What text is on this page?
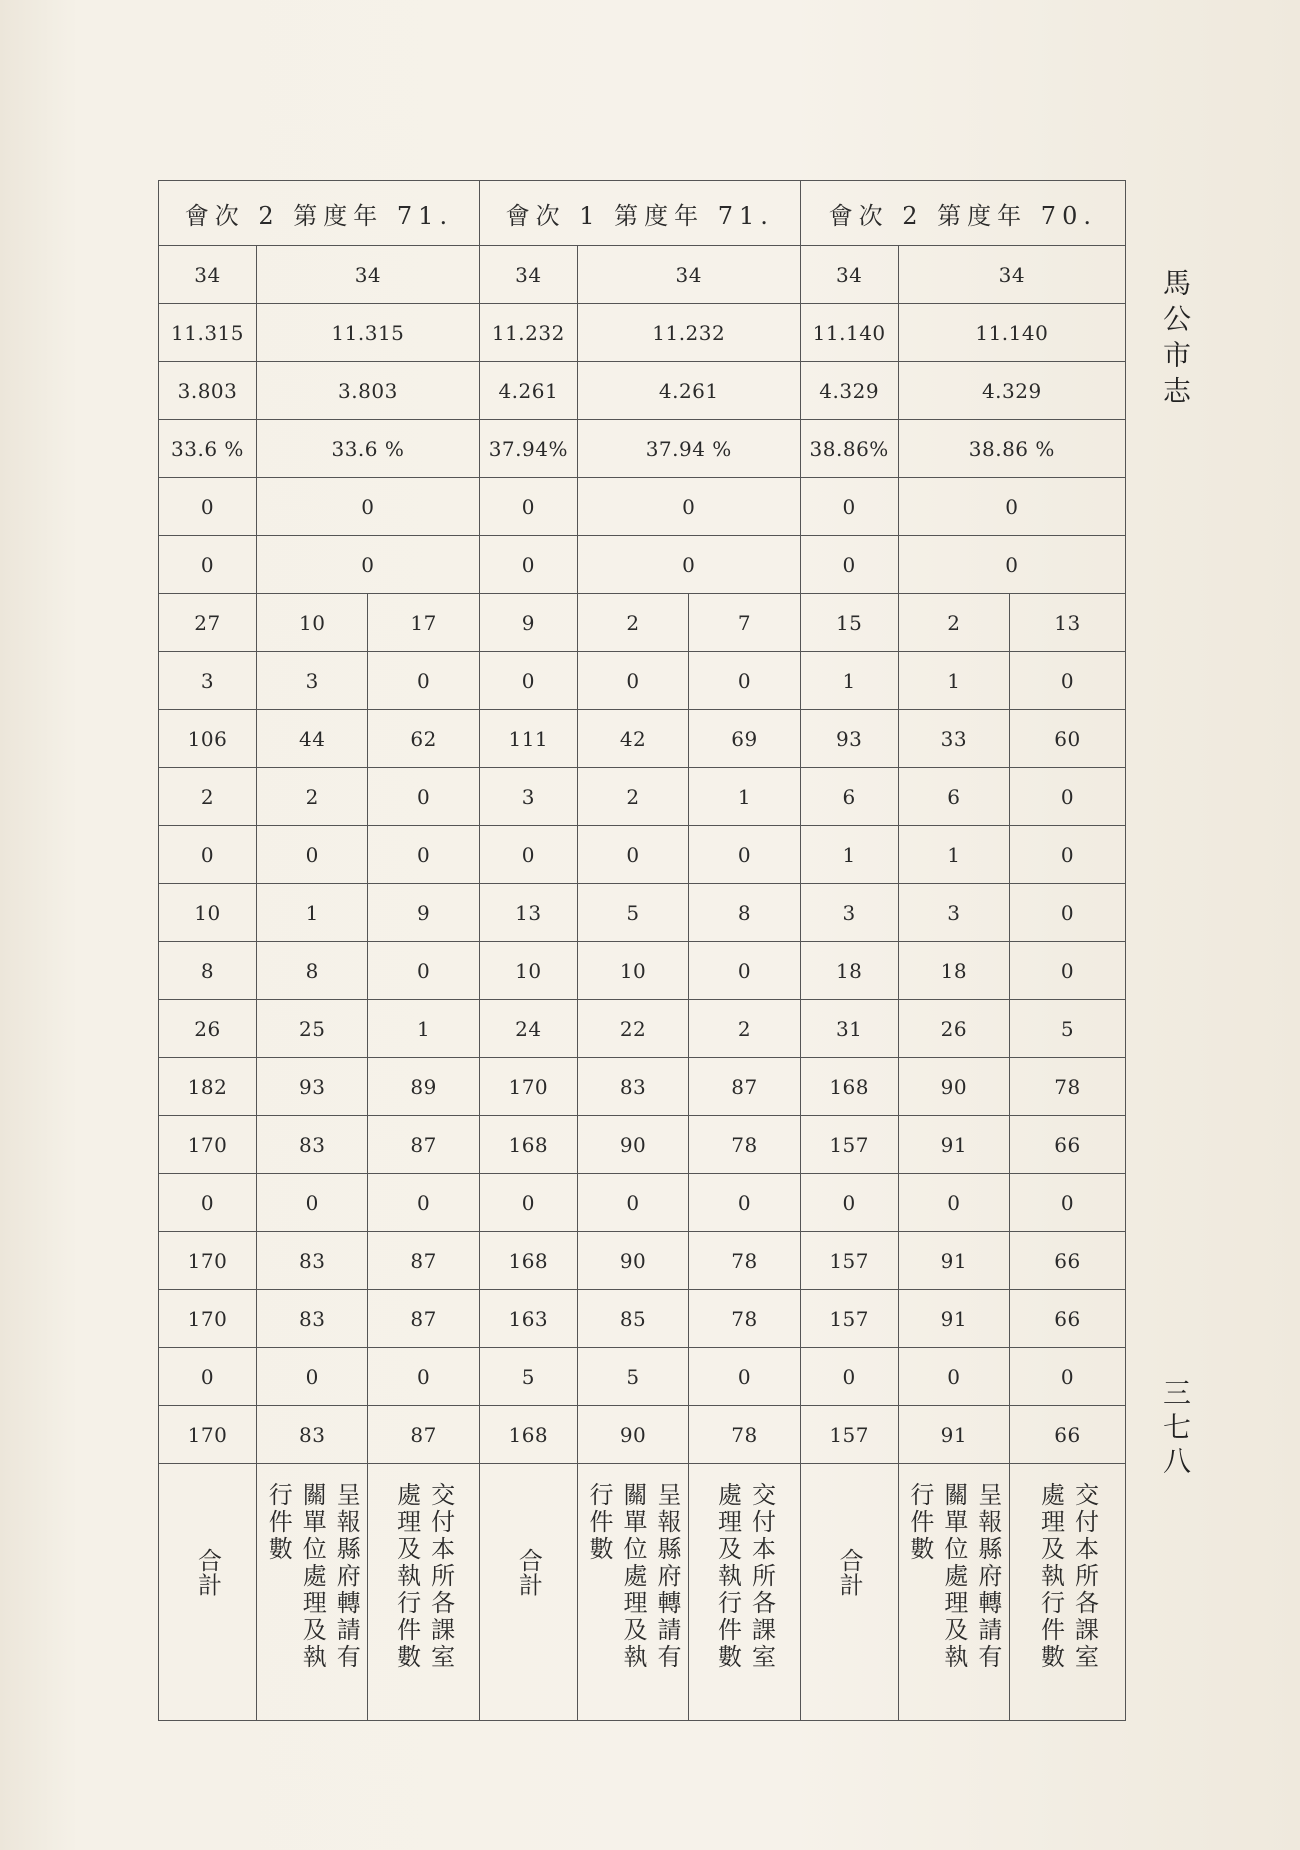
會次 2 第度年 71.			會次 1 第度年 71.			會次 2 第度年 70.		
34	34		34	34		34	34	
11.315	11.315		11.232	11.232		11.140	11.140	
3.803	3.803		4.261	4.261		4.329	4.329	
33.6 %	33.6 %		37.94%	37.94 %		38.86%	38.86 %	
0	0		0	0		0	0	
0	0		0	0		0	0	
27	10	17	9	2	7	15	2	13
3	3	0	0	0	0	1	1	0
106	44	62	111	42	69	93	33	60
2	2	0	3	2	1	6	6	0
0	0	0	0	0	0	1	1	0
10	1	9	13	5	8	3	3	0
8	8	0	10	10	0	18	18	0
26	25	1	24	22	2	31	26	5
182	93	89	170	83	87	168	90	78
170	83	87	168	90	78	157	91	66
0	0	0	0	0	0	0	0	0
170	83	87	168	90	78	157	91	66
170	83	87	163	85	78	157	91	66
0	0	0	5	5	0	0	0	0
170	83	87	168	90	78	157	91	66
合計	呈報縣府轉請有關單位處理及執行件數	交付本所各課室處理及執行件數	合計	呈報縣府轉請有關單位處理及執行件數	交付本所各課室處理及執行件數	合計	呈報縣府轉請有關單位處理及執行件數	交付本所各課室處理及執行件數
馬公市志
三七八
